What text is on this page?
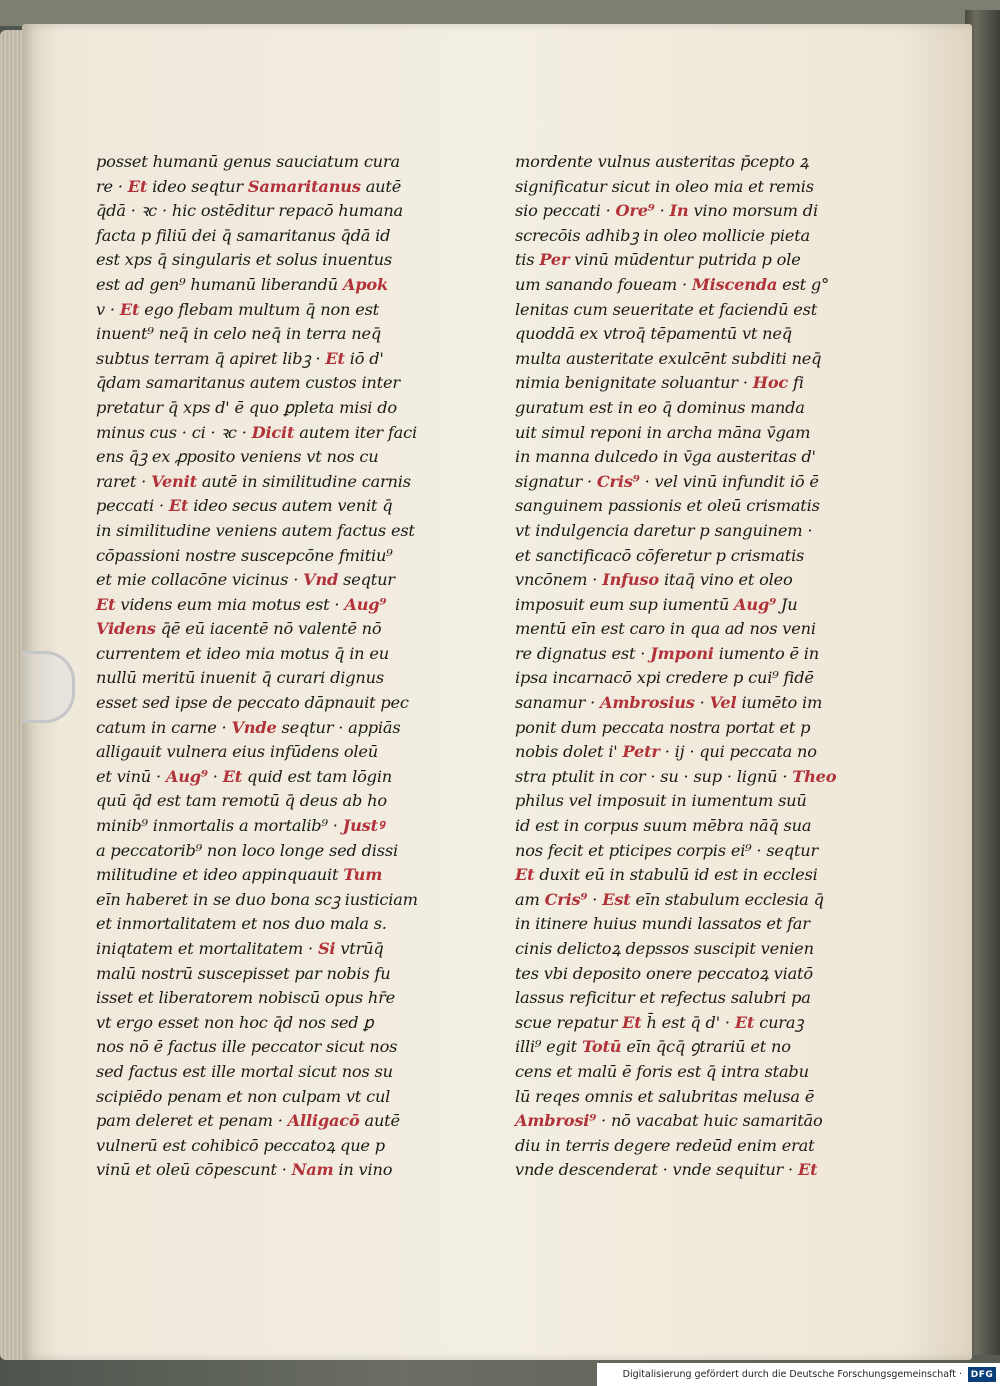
posset humanū genus sauciatum cura
re · Et ideo seqtur Samaritanus autē
q̄dā · ꝛc · hic ostēditur repacō humana
facta p filiū dei q̄ samaritanus q̄dā id
est xps q̄ singularis et solus inuentus
est ad gen⁹ humanū liberandū Apok
v · Et ego flebam multum q̄ non est
inuent⁹ neq̄ in celo neq̄ in terra neq̄
subtus terram q̄ apiret libꝫ · Et iō d'
q̄dam samaritanus autem custos inter
pretatur q̄ xps d' ē quo ꝑpleta misi do
minus cus · ci · ꝛc · Dicit autem iter faci
ens q̄ꝫ ex ꝓposito veniens vt nos cu
raret · Venit autē in similitudine carnis
peccati · Et ideo secus autem venit q̄
in similitudine veniens autem factus est
cōpassioni nostre suscepcōne fmitiu⁹
et mie collacōne vicinus · Vnd seqtur
Et videns eum mia motus est · Aug⁹
Videns q̄ē eū iacentē nō valentē nō
currentem et ideo mia motus q̄ in eu
nullū meritū inuenit q̄ curari dignus
esset sed ipse de peccato dāpnauit pec
catum in carne · Vnde seqtur · appiās
alligauit vulnera eius infūdens oleū
et vinū · Aug⁹ · Et quid est tam lōgin
quū q̄d est tam remotū q̄ deus ab ho
minib⁹ inmortalis a mortalib⁹ · Justꝰ
a peccatorib⁹ non loco longe sed dissi
militudine et ideo appinquauit Tum
eīn haberet in se duo bona scꝫ iusticiam
et inmortalitatem et nos duo mala s.
iniqtatem et mortalitatem · Si vtrūq̄
malū nostrū suscepisset par nobis fu
isset et liberatorem nobiscū opus hr̄e
vt ergo esset non hoc q̄d nos sed ꝑ
nos nō ē factus ille peccator sicut nos
sed factus est ille mortal sicut nos su
scipiēdo penam et non culpam vt cul
pam deleret et penam · Alligacō autē
vulnerū est cohibicō peccatoꝝ que p
vinū et oleū cōpescunt · Nam in vino
mordente vulnus austeritas p̄cepto ꝝ
significatur sicut in oleo mia et remis
sio peccati · Ore⁹ · In vino morsum di
screcōis adhibꝫ in oleo mollicie pieta
tis Per vinū mūdentur putrida p ole
um sanando foueam · Miscenda est g°
lenitas cum seueritate et faciendū est
quoddā ex vtroq̄ tēpamentū vt neq̄
multa austeritate exulcēnt subditi neq̄
nimia benignitate soluantur · Hoc fi
guratum est in eo q̄ dominus manda
uit simul reponi in archa māna v̄gam
in manna dulcedo in v̄ga austeritas d'
signatur · Cris⁹ · vel vinū infundit iō ē
sanguinem passionis et oleū crismatis
vt indulgencia daretur p sanguinem ·
et sanctificacō cōferetur p crismatis
vncōnem · Infuso itaq̄ vino et oleo
imposuit eum sup iumentū Aug⁹ Ju
mentū eīn est caro in qua ad nos veni
re dignatus est · Jmponi iumento ē in
ipsa incarnacō xpi credere p cui⁹ fidē
sanamur · Ambrosius · Vel iumēto im
ponit dum peccata nostra portat et p
nobis dolet i' Petr · ij · qui peccata no
stra ptulit in cor · su · sup · lignū · Theo
philus vel imposuit in iumentum suū
id est in corpus suum mēbra nāq̄ sua
nos fecit et pticipes corpis ei⁹ · seqtur
Et duxit eū in stabulū id est in ecclesi
am Cris⁹ · Est eīn stabulum ecclesia q̄
in itinere huius mundi lassatos et far
cinis delictoꝝ depssos suscipit venien
tes vbi deposito onere peccatoꝝ viatō
lassus reficitur et refectus salubri pa
scue repatur Et h̄ est q̄ d' · Et curaꝫ
illi⁹ egit Totū eīn q̄cq̄ ꝯtrariū et no
cens et malū ē foris est q̄ intra stabu
lū reqes omnis et salubritas melusa ē
Ambrosi⁹ · nō vacabat huic samaritāo
diu in terris degere redeūd enim erat
vnde descenderat · vnde sequitur · Et
Digitalisierung gefördert durch die Deutsche Forschungsgemeinschaft · DFG
